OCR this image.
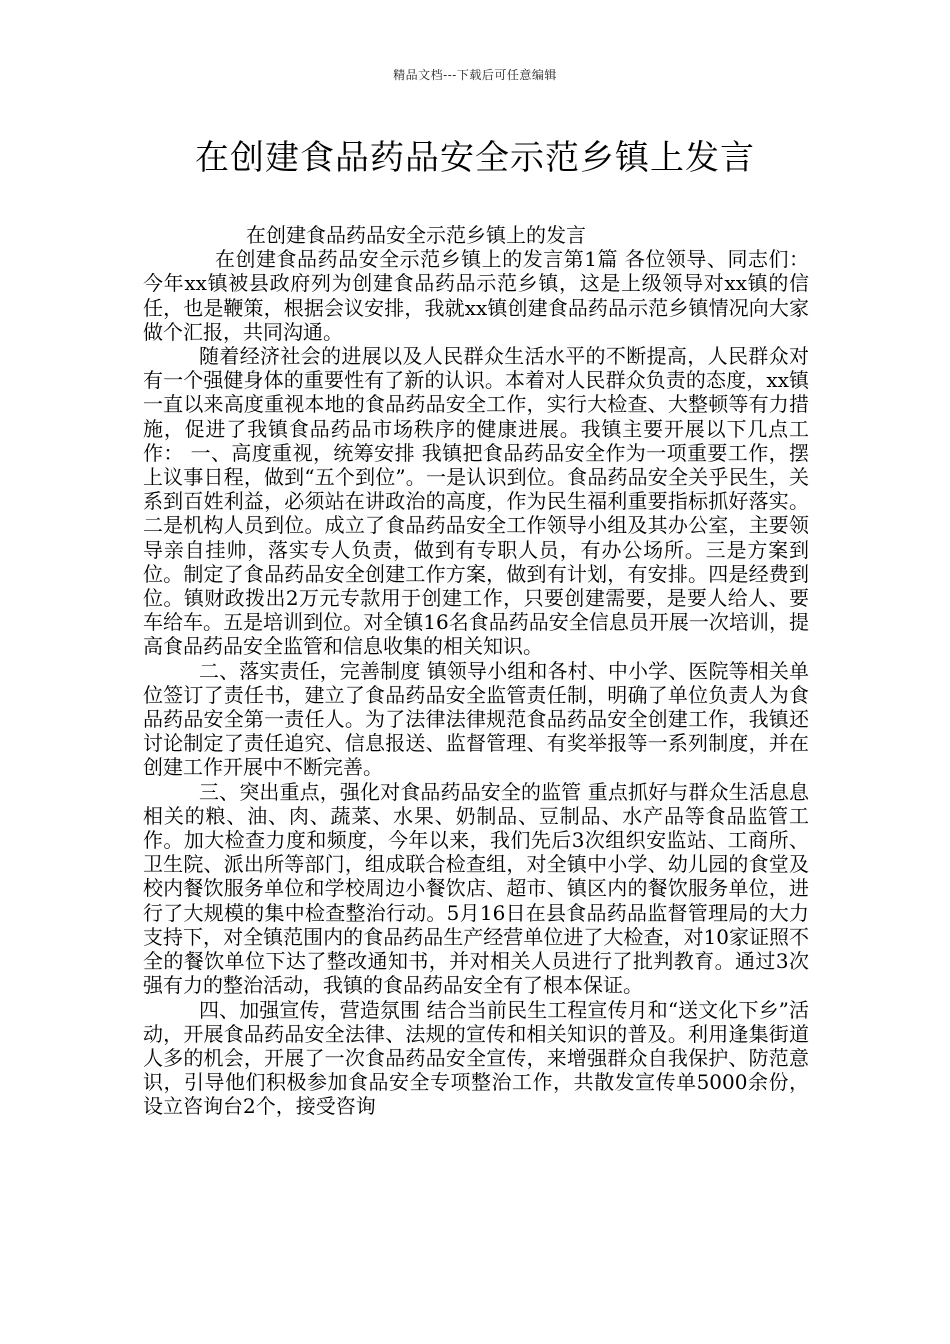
精品文档---下载后可任意编辑
在创建食品药品安全示范乡镇上发言

在创建食品药品安全示范乡镇上的发言

在创建食品药品安全示范乡镇上的发言第1篇 各位领导、同志们： 今年xx镇被县政府列为创建食品药品示范乡镇，这是上级领导对xx镇的信任，也是鞭策，根据会议安排，我就xx镇创建食品药品示范乡镇情况向大家做个汇报，共同沟通。

随着经济社会的进展以及人民群众生活水平的不断提高，人民群众对有一个强健身体的重要性有了新的认识。本着对人民群众负责的态度，xx镇一直以来高度重视本地的食品药品安全工作，实行大检查、大整顿等有力措施，促进了我镇食品药品市场秩序的健康进展。我镇主要开展以下几点工作： 一、高度重视，统筹安排 我镇把食品药品安全作为一项重要工作，摆上议事日程，做到“五个到位”。一是认识到位。食品药品安全关乎民生，关系到百姓利益，必须站在讲政治的高度，作为民生福利重要指标抓好落实。二是机构人员到位。成立了食品药品安全工作领导小组及其办公室，主要领导亲自挂帅，落实专人负责，做到有专职人员，有办公场所。三是方案到位。制定了食品药品安全创建工作方案，做到有计划，有安排。四是经费到位。镇财政拨出2万元专款用于创建工作，只要创建需要，是要人给人、要车给车。五是培训到位。对全镇16名食品药品安全信息员开展一次培训，提高食品药品安全监管和信息收集的相关知识。

二、落实责任，完善制度 镇领导小组和各村、中小学、医院等相关单位签订了责任书，建立了食品药品安全监管责任制，明确了单位负责人为食品药品安全第一责任人。为了法律法律规范食品药品安全创建工作，我镇还讨论制定了责任追究、信息报送、监督管理、有奖举报等一系列制度，并在创建工作开展中不断完善。

三、突出重点，强化对食品药品安全的监管 重点抓好与群众生活息息相关的粮、油、肉、蔬菜、水果、奶制品、豆制品、水产品等食品监管工作。加大检查力度和频度，今年以来，我们先后3次组织安监站、工商所、卫生院、派出所等部门，组成联合检查组，对全镇中小学、幼儿园的食堂及校内餐饮服务单位和学校周边小餐饮店、超市、镇区内的餐饮服务单位，进行了大规模的集中检查整治行动。5月16日在县食品药品监督管理局的大力支持下，对全镇范围内的食品药品生产经营单位进了大检查，对10家证照不全的餐饮单位下达了整改通知书，并对相关人员进行了批判教育。通过3次强有力的整治活动，我镇的食品药品安全有了根本保证。

四、加强宣传，营造氛围 结合当前民生工程宣传月和“送文化下乡”活动，开展食品药品安全法律、法规的宣传和相关知识的普及。利用逢集街道人多的机会，开展了一次食品药品安全宣传，来增强群众自我保护、防范意识，引导他们积极参加食品安全专项整治工作，共散发宣传单5000余份，设立咨询台2个，接受咨询
